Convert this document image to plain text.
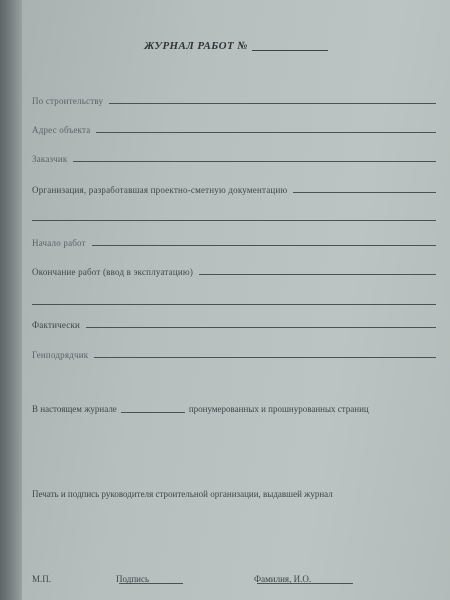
ЖУРНАЛ РАБОТ №
По строительству
Адрес объекта
Заказчик
Организация, разработавшая проектно-сметную документацию
Начало работ
Окончание работ (ввод в эксплуатацию)
Фактически
Генподрядчик
В настоящем журнале	пронумерованных и прошнурованных страниц
Печать и подпись руководителя строительной организации, выдавшей журнал
М.П.	Подпись	Фамилия, И.О.
